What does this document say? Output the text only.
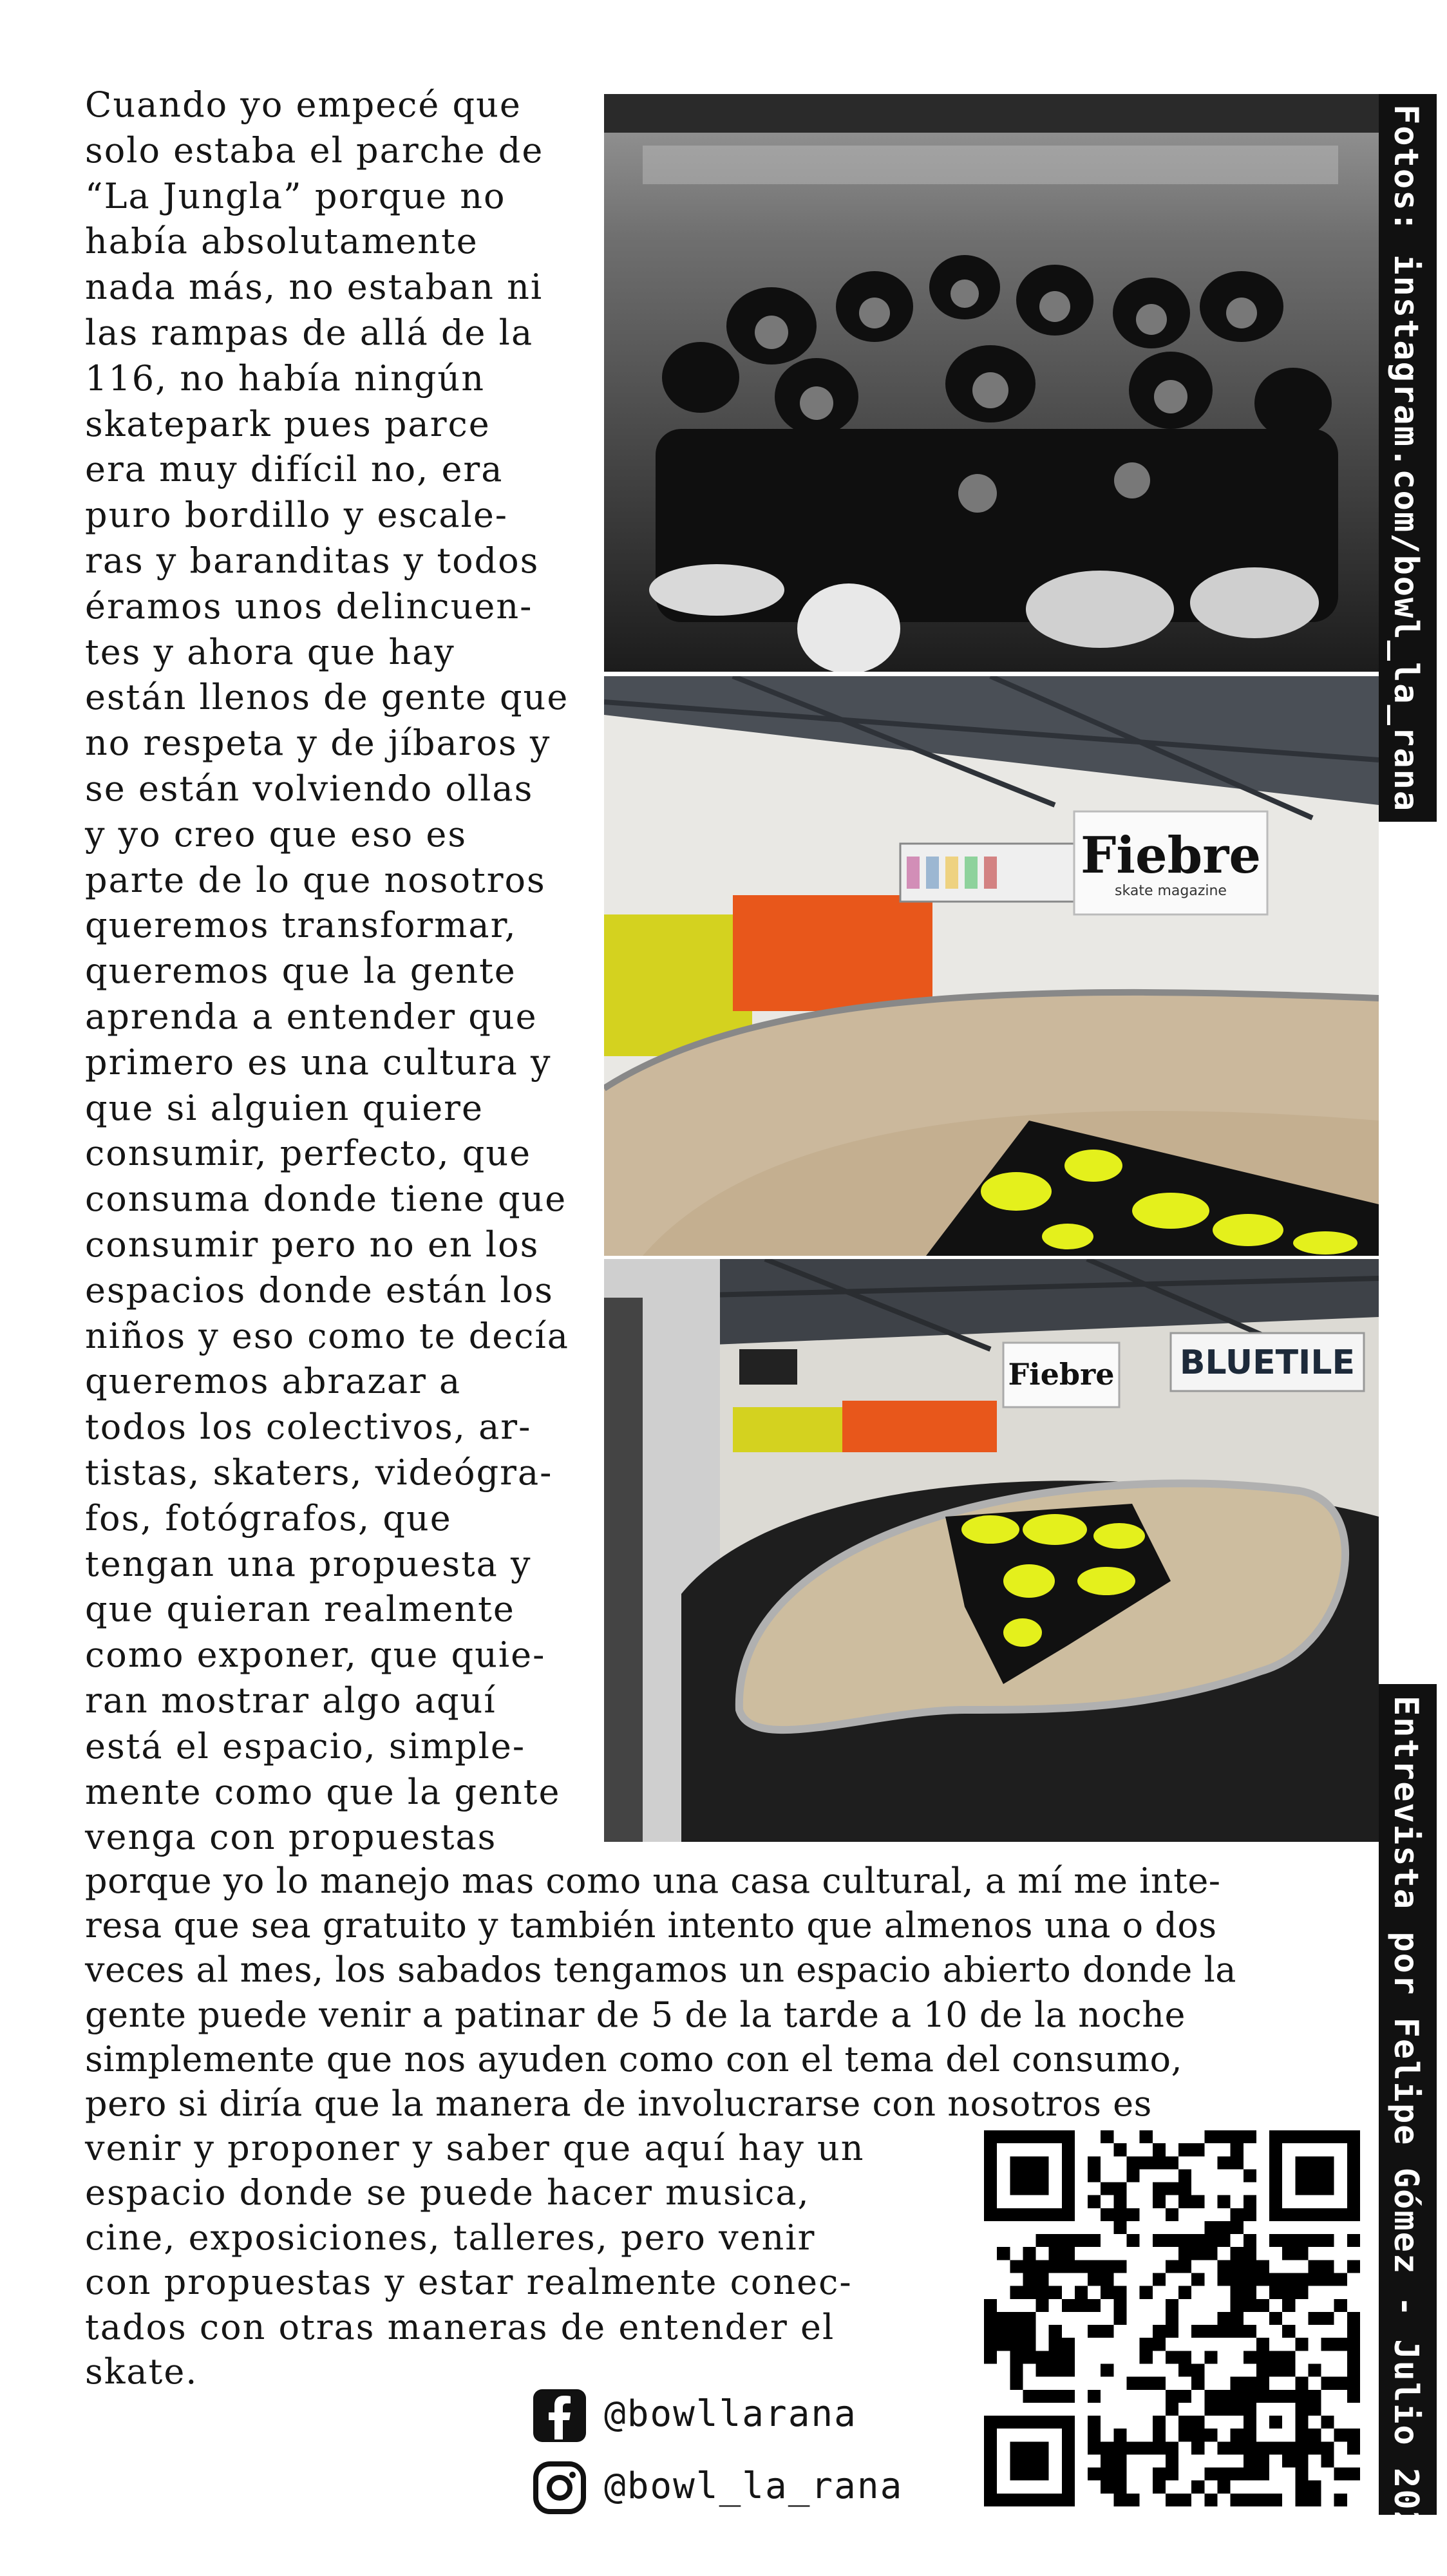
Cuando yo empecé que
solo estaba el parche de
“La Jungla” porque no
había absolutamente
nada más, no estaban ni
las rampas de allá de la
116, no había ningún
skatepark pues parce
era muy difícil no, era
puro bordillo y escale-
ras y baranditas y todos
éramos unos delincuen-
tes y ahora que hay
están llenos de gente que
no respeta y de jíbaros y
se están volviendo ollas
y yo creo que eso es
parte de lo que nosotros
queremos transformar,
queremos que la gente
aprenda a entender que
primero es una cultura y
que si alguien quiere
consumir, perfecto, que
consuma donde tiene que
consumir pero no en los
espacios donde están los
niños y eso como te decía
queremos abrazar a
todos los colectivos, ar-
tistas, skaters, videógra-
fos, fotógrafos, que
tengan una propuesta y
que quieran realmente
como exponer, que quie-
ran mostrar algo aquí
está el espacio, simple-
mente como que la gente
venga con propuestas
porque yo lo manejo mas como una casa cultural, a mí me inte-
resa que sea gratuito y también intento que almenos una o dos
veces al mes, los sabados tengamos un espacio abierto donde la
gente puede venir a patinar de 5 de la tarde a 10 de la noche
simplemente que nos ayuden como con el tema del consumo,
pero si diría que la manera de involucrarse con nosotros es
venir y proponer y saber que aquí hay un
espacio donde se puede hacer musica,
cine, exposiciones, talleres, pero venir
con propuestas y estar realmente conec-
tados con otras maneras de entender el
skate.
Fiebre
skate magazine
Fiebre BLUETILE
Fotos: instagram.com/bowl_la_rana
Entrevista por Felipe Gómez - Julio 2022
@bowllarana
@bowl_la_rana
